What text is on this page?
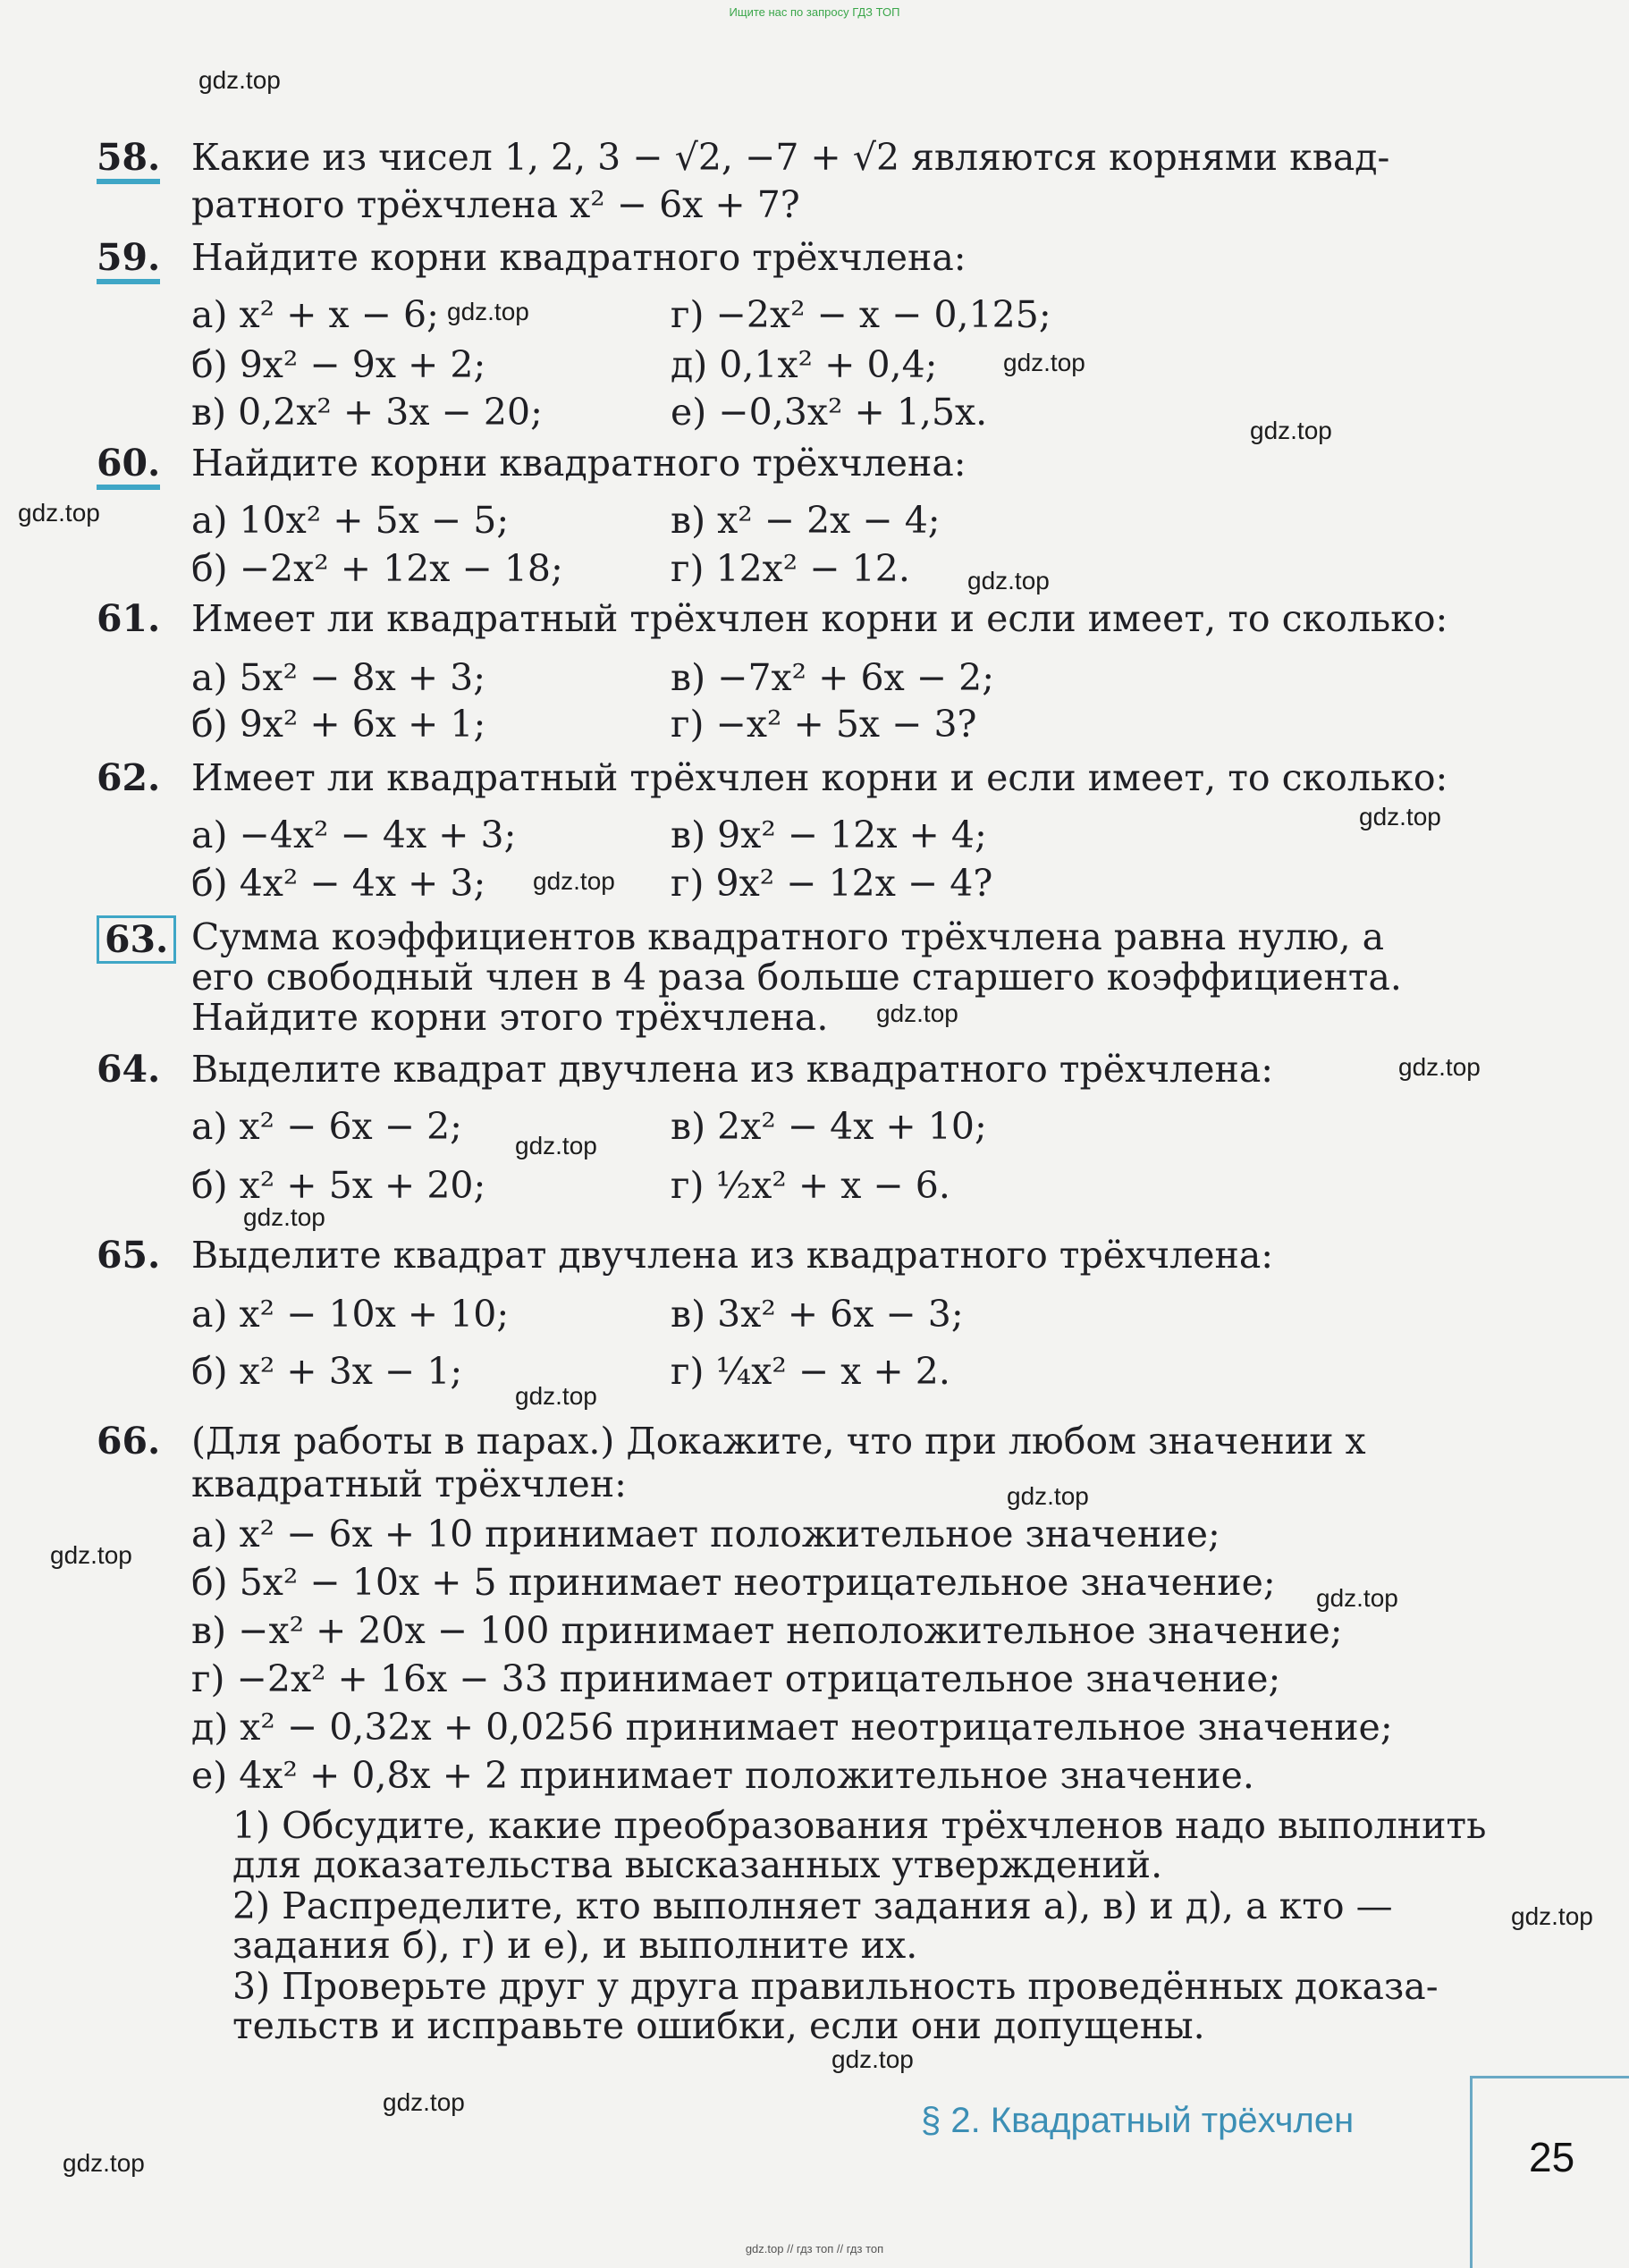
Ищите нас по запросу ГДЗ ТОП
gdz.top
gdz.top
gdz.top
gdz.top
gdz.top
gdz.top
gdz.top
gdz.top
gdz.top
gdz.top
gdz.top
gdz.top
gdz.top
gdz.top
gdz.top
gdz.top
gdz.top
gdz.top
gdz.top
gdz.top
58. Какие из чисел 1, 2, 3 − √2, −7 + √2 являются корнями квад-
ратного трёхчлена x² − 6x + 7?
59. Найдите корни квадратного трёхчлена:
а) x² + x − 6;	г) −2x² − x − 0,125;
б) 9x² − 9x + 2;	д) 0,1x² + 0,4;
в) 0,2x² + 3x − 20;	е) −0,3x² + 1,5x.
60. Найдите корни квадратного трёхчлена:
а) 10x² + 5x − 5;	в) x² − 2x − 4;
б) −2x² + 12x − 18;	г) 12x² − 12.
61. Имеет ли квадратный трёхчлен корни и если имеет, то сколько:
а) 5x² − 8x + 3;	в) −7x² + 6x − 2;
б) 9x² + 6x + 1;	г) −x² + 5x − 3?
62. Имеет ли квадратный трёхчлен корни и если имеет, то сколько:
а) −4x² − 4x + 3;	в) 9x² − 12x + 4;
б) 4x² − 4x + 3;	г) 9x² − 12x − 4?
63. Сумма коэффициентов квадратного трёхчлена равна нулю, а
его свободный член в 4 раза больше старшего коэффициента.
Найдите корни этого трёхчлена.
64. Выделите квадрат двучлена из квадратного трёхчлена:
а) x² − 6x − 2;	в) 2x² − 4x + 10;
б) x² + 5x + 20;	г) ½x² + x − 6.
65. Выделите квадрат двучлена из квадратного трёхчлена:
а) x² − 10x + 10;	в) 3x² + 6x − 3;
б) x² + 3x − 1;	г) ¼x² − x + 2.
66. (Для работы в парах.) Докажите, что при любом значении x
квадратный трёхчлен:
а) x² − 6x + 10 принимает положительное значение;
б) 5x² − 10x + 5 принимает неотрицательное значение;
в) −x² + 20x − 100 принимает неположительное значение;
г) −2x² + 16x − 33 принимает отрицательное значение;
д) x² − 0,32x + 0,0256 принимает неотрицательное значение;
е) 4x² + 0,8x + 2 принимает положительное значение.
1) Обсудите, какие преобразования трёхчленов надо выполнить
для доказательства высказанных утверждений.
2) Распределите, кто выполняет задания а), в) и д), а кто —
задания б), г) и е), и выполните их.
3) Проверьте друг у друга правильность проведённых доказа-
тельств и исправьте ошибки, если они допущены.
§ 2. Квадратный трёхчлен
25
gdz.top // гдз топ // гдз топ
